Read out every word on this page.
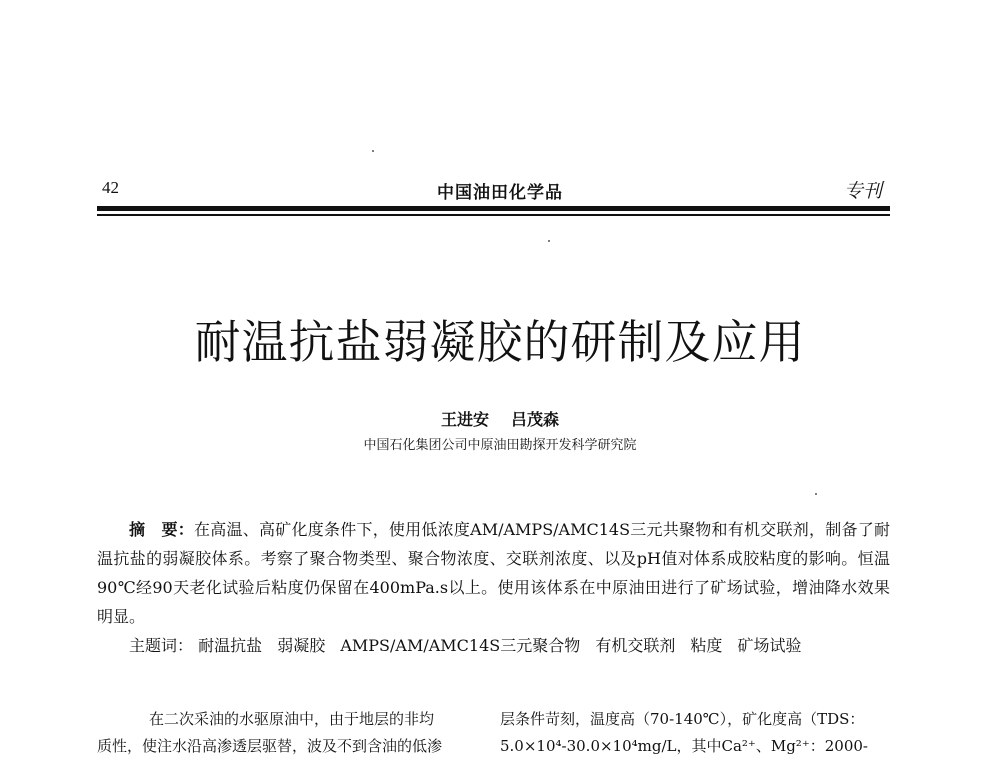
42	中国油田化学品	专刊
耐温抗盐弱凝胶的研制及应用
王进安 吕茂森
中国石化集团公司中原油田勘探开发科学研究院
摘　要：在高温、高矿化度条件下，使用低浓度AM/AMPS/AMC14S三元共聚物和有机交联剂，制备了耐温抗盐的弱凝胶体系。考察了聚合物类型、聚合物浓度、交联剂浓度、以及pH值对体系成胶粘度的影响。恒温90℃经90天老化试验后粘度仍保留在400mPa.s以上。使用该体系在中原油田进行了矿场试验，增油降水效果明显。
主题词： 耐温抗盐 弱凝胶 AMPS/AM/AMC14S三元聚合物 有机交联剂 粘度 矿场试验
在二次采油的水驱原油中，由于地层的非均
质性，使注水沿高渗透层驱替，波及不到含油的低渗
层条件苛刻，温度高（70-140℃），矿化度高（TDS：
5.0×10⁴-30.0×10⁴mg/L，其中Ca²⁺、Mg²⁺：2000-
